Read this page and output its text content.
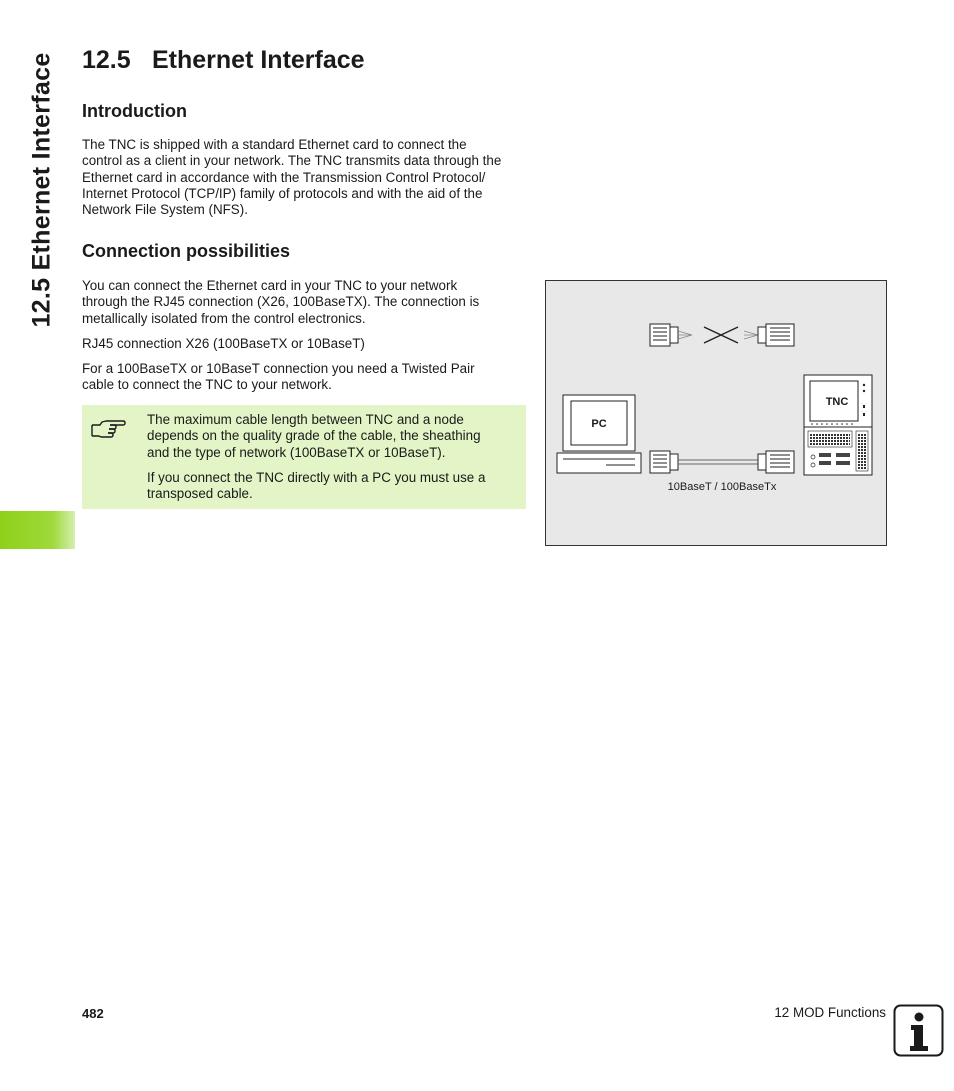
12.5 Ethernet Interface 12.5 Ethernet Interface
Introduction

The TNC is shipped with a standard Ethernet card to connect the

control as a client in your network. The TNC transmits data through the

Ethernet card in accordance with the Transmission Control Protocol/

Internet Protocol (TCP/IP) family of protocols and with the aid of the

Network File System (NFS).

Connection possibilities

You can connect the Ethernet card in your TNC to your network

through the RJ45 connection (X26, 100BaseTX). The connection is

metallically isolated from the control electronics.

RJ45 connection X26 (100BaseTX or 10BaseT)

For a 100BaseTX or 10BaseT connection you need a Twisted Pair

cable to connect the TNC to your network.

The maximum cable length between TNC and a node

depends on the quality grade of the cable, the sheathing

and the type of network (100BaseTX or 10BaseT).

If you connect the TNC directly with a PC you must use a

transposed cable.

PC
10BaseT / 100BaseTx
TNC
482	12 MOD Functions
